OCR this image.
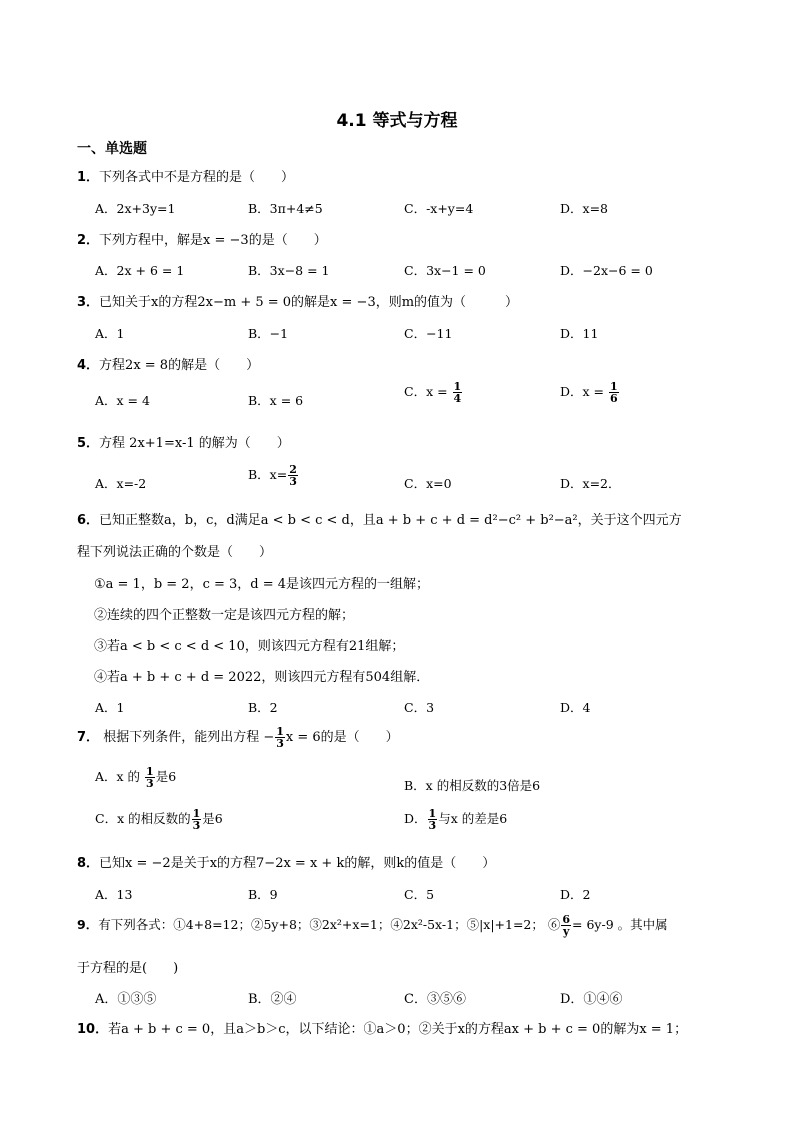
4.1 等式与方程
一、单选题
1．下列各式中不是方程的是（　　）
A．2x+3y=1	B．3π+4≠5	C．-x+y=4	D．x=8
2．下列方程中，解是x = −3的是（　　）
A．2x + 6 = 1	B．3x−8 = 1	C．3x−1 = 0	D．−2x−6 = 0
3．已知关于x的方程2x−m + 5 = 0的解是x = −3，则m的值为（　　　）
A．1	B．−1	C．−11	D．11
4．方程2x = 8的解是（　　）
A．x = 4	B．x = 6
C．$x = \frac{1}{4}$	D．$x = \frac{1}{6}$
5．方程 2x+1=x-1 的解为（　　）
A．x=-2
B．$x= \frac{2}{3}$	C．x=0	D．x=2．
6．已知正整数a，b，c，d满足a < b < c < d，且a + b + c + d = d²−c² + b²−a²，关于这个四元方
程下列说法正确的个数是（　　）
①a = 1，b = 2，c = 3，d = 4是该四元方程的一组解；
②连续的四个正整数一定是该四元方程的解；
③若a < b < c < d < 10，则该四元方程有21组解；
④若a + b + c + d = 2022，则该四元方程有504组解．
A．1	B．2	C．3	D．4
7． 根据下列条件，能列出方程 − $\frac{1}{3}$ x = 6的是（　　）
A．x 的 $\frac{1}{3}$ 是6
B．x 的相反数的3倍是6
C．x 的相反数的 $\frac{1}{3}$ 是6	D． $\frac{1}{3}$ 与x 的差是6
8．已知x = −2是关于x的方程7−2x = x + k的解，则k的值是（　　）
A．13	B．9	C．5	D．2
9．有下列各式：①4+8=12；②5y+8；③2x²+x=1；④2x²-5x-1；⑤|x|+1=2； ⑥ $\frac{6}{y} = 6y-9$ 。其中属
于方程的是(　　)
A．①③⑤	B．②④	C．③⑤⑥	D．①④⑥
10．若a + b + c = 0，且a＞b＞c，以下结论：①a＞0；②关于x的方程ax + b + c = 0的解为x = 1；
